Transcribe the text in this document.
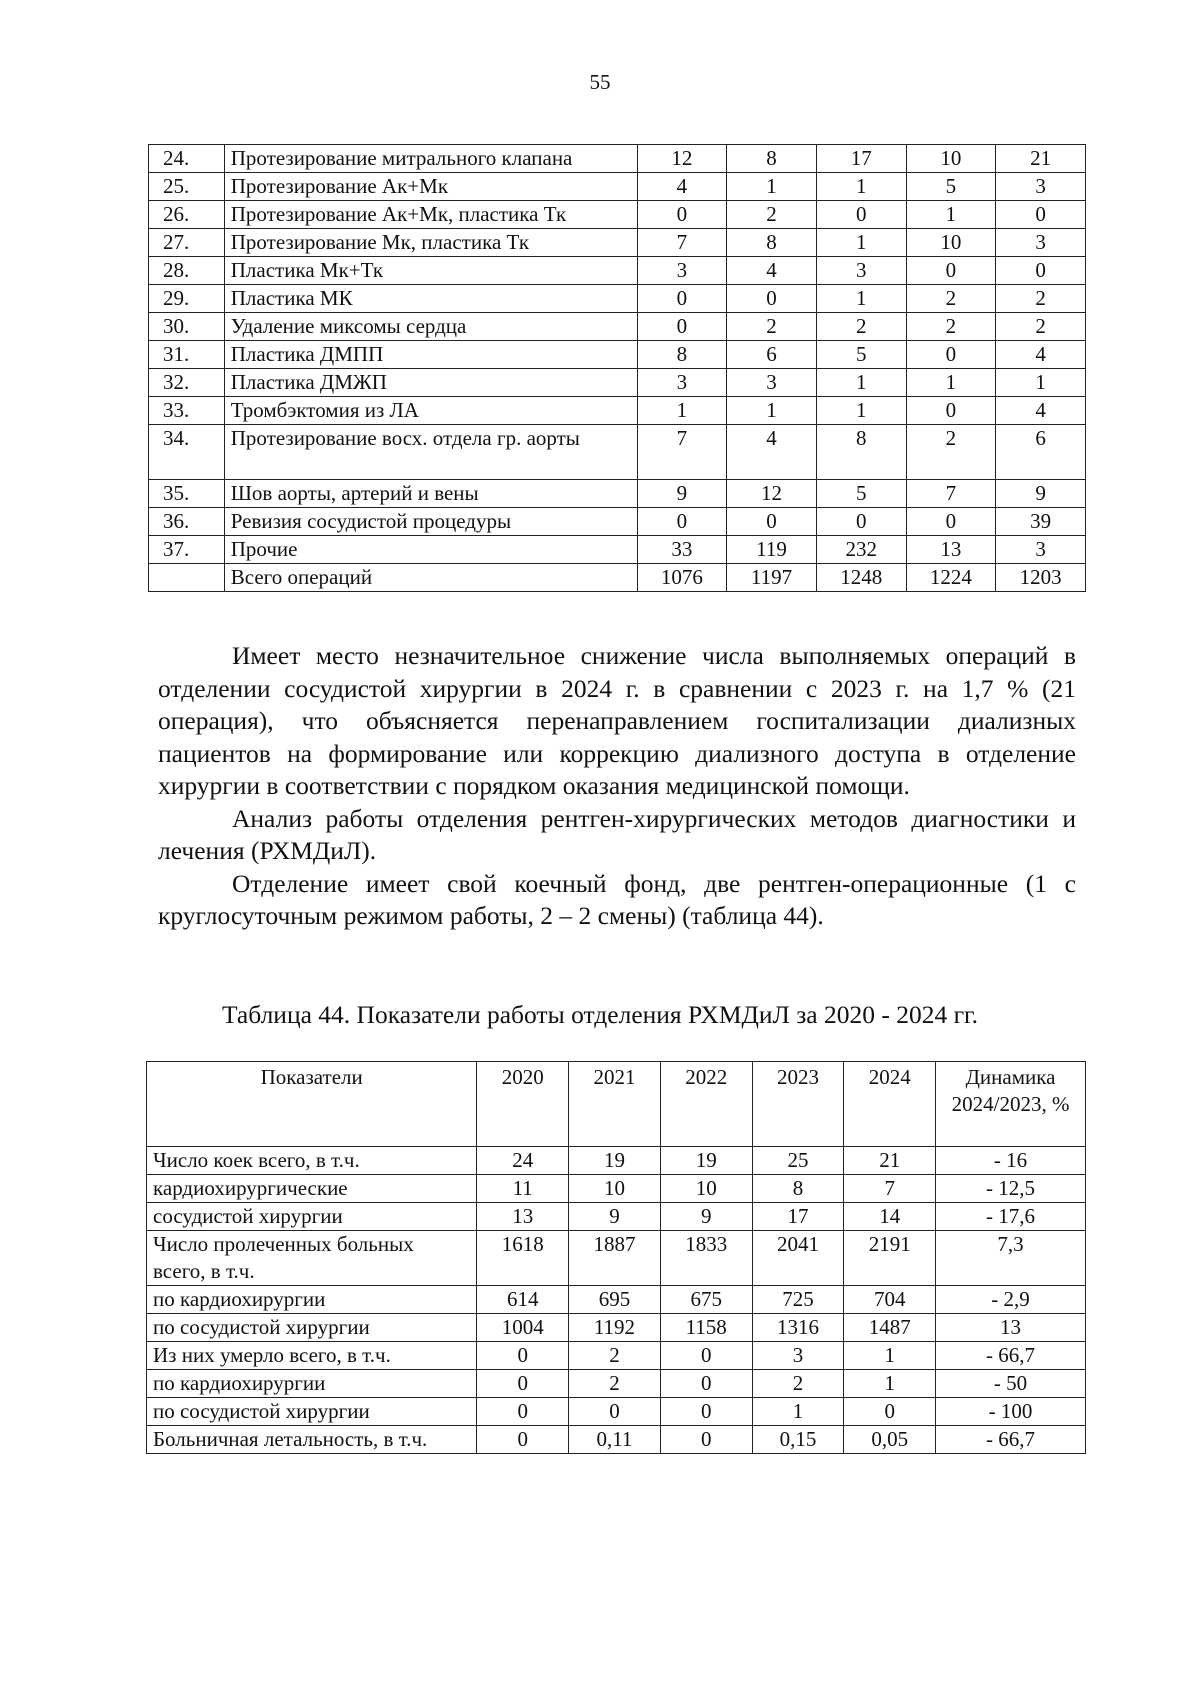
55
24.	Протезирование митрального клапана	12	8	17	10	21
25.	Протезирование Ак+Мк	4	1	1	5	3
26.	Протезирование Ак+Мк, пластика Тк	0	2	0	1	0
27.	Протезирование Мк, пластика Тк	7	8	1	10	3
28.	Пластика Мк+Тк	3	4	3	0	0
29.	Пластика МК	0	0	1	2	2
30.	Удаление миксомы сердца	0	2	2	2	2
31.	Пластика ДМПП	8	6	5	0	4
32.	Пластика ДМЖП	3	3	1	1	1
33.	Тромбэктомия из ЛА	1	1	1	0	4
34.	Протезирование восх. отдела гр. аорты	7	4	8	2	6
35.	Шов аорты, артерий и вены	9	12	5	7	9
36.	Ревизия сосудистой процедуры	0	0	0	0	39
37.	Прочие	33	119	232	13	3
	Всего операций	1076	1197	1248	1224	1203

Имеет место незначительное снижение числа выполняемых операций в отделении сосудистой хирургии в 2024 г. в сравнении с 2023 г. на 1,7 % (21 операция), что объясняется перенаправлением госпитализации диализных пациентов на формирование или коррекцию диализного доступа в отделение хирургии в соответствии с порядком оказания медицинской помощи.

Анализ работы отделения рентген-хирургических методов диагностики и лечения (РХМДиЛ).

Отделение имеет свой коечный фонд, две рентген-операционные (1 с круглосуточным режимом работы, 2 – 2 смены) (таблица 44).

Таблица 44. Показатели работы отделения РХМДиЛ за 2020 - 2024 гг.
Показатели	2020	2021	2022	2023	2024	Динамика 2024/2023, %
Число коек всего, в т.ч.	24	19	19	25	21	- 16
кардиохирургические	11	10	10	8	7	- 12,5
сосудистой хирургии	13	9	9	17	14	- 17,6
Число пролеченных больных всего, в т.ч.	1618	1887	1833	2041	2191	7,3
по кардиохирургии	614	695	675	725	704	- 2,9
по сосудистой хирургии	1004	1192	1158	1316	1487	13
Из них умерло всего, в т.ч.	0	2	0	3	1	- 66,7
по кардиохирургии	0	2	0	2	1	- 50
по сосудистой хирургии	0	0	0	1	0	- 100
Больничная летальность, в т.ч.	0	0,11	0	0,15	0,05	- 66,7
